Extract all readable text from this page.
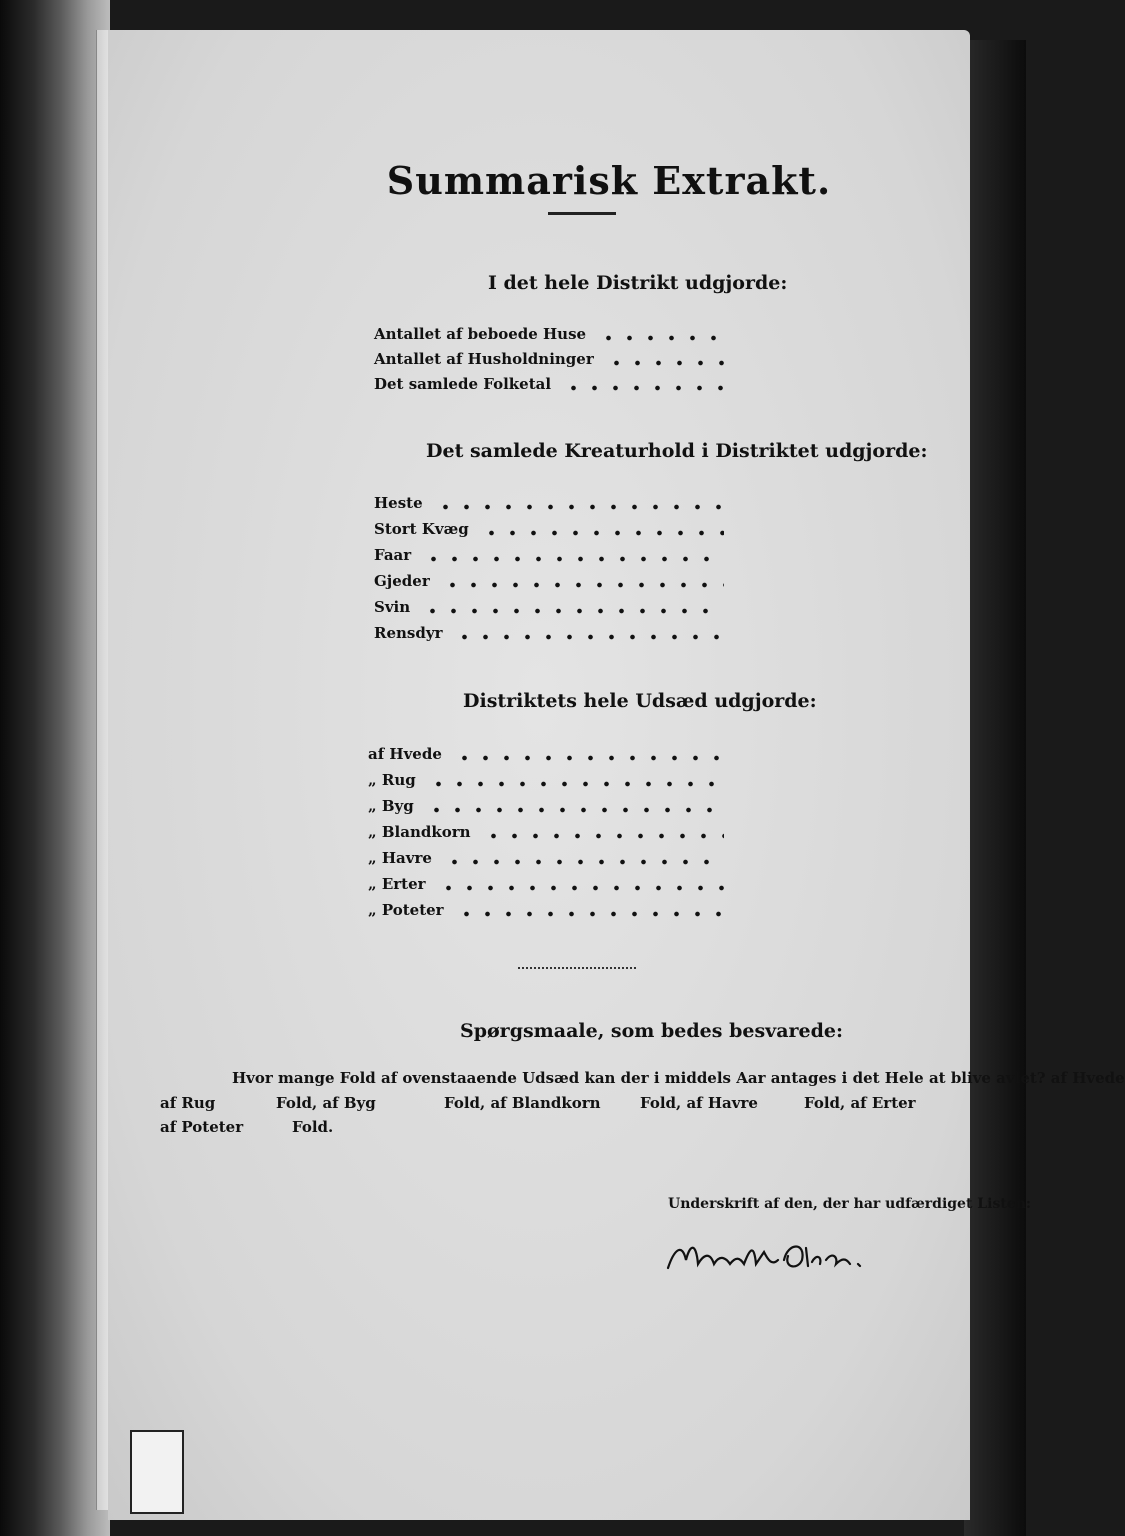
Summarisk Extrakt.
I det hele Distrikt udgjorde:
Antallet af beboede Huse
Antallet af Husholdninger
Det samlede Folketal
Det samlede Kreaturhold i Distriktet udgjorde:
Heste
Stort Kvæg
Faar
Gjeder
Svin
Rensdyr
Distriktets hele Udsæd udgjorde:
af Hvede
„ Rug
„ Byg
„ Blandkorn
„ Havre
„ Erter
„ Poteter
Spørgsmaale, som bedes besvarede:
Hvor mange Fold af ovenstaaende Udsæd kan der i middels Aar antages i det Hele at blive avlet? af Hvede
af Rug	Fold, af Byg	Fold, af Blandkorn	Fold, af Havre	Fold, af Erter
af Poteter	Fold.
Underskrift af den, der har udfærdiget Listen:
